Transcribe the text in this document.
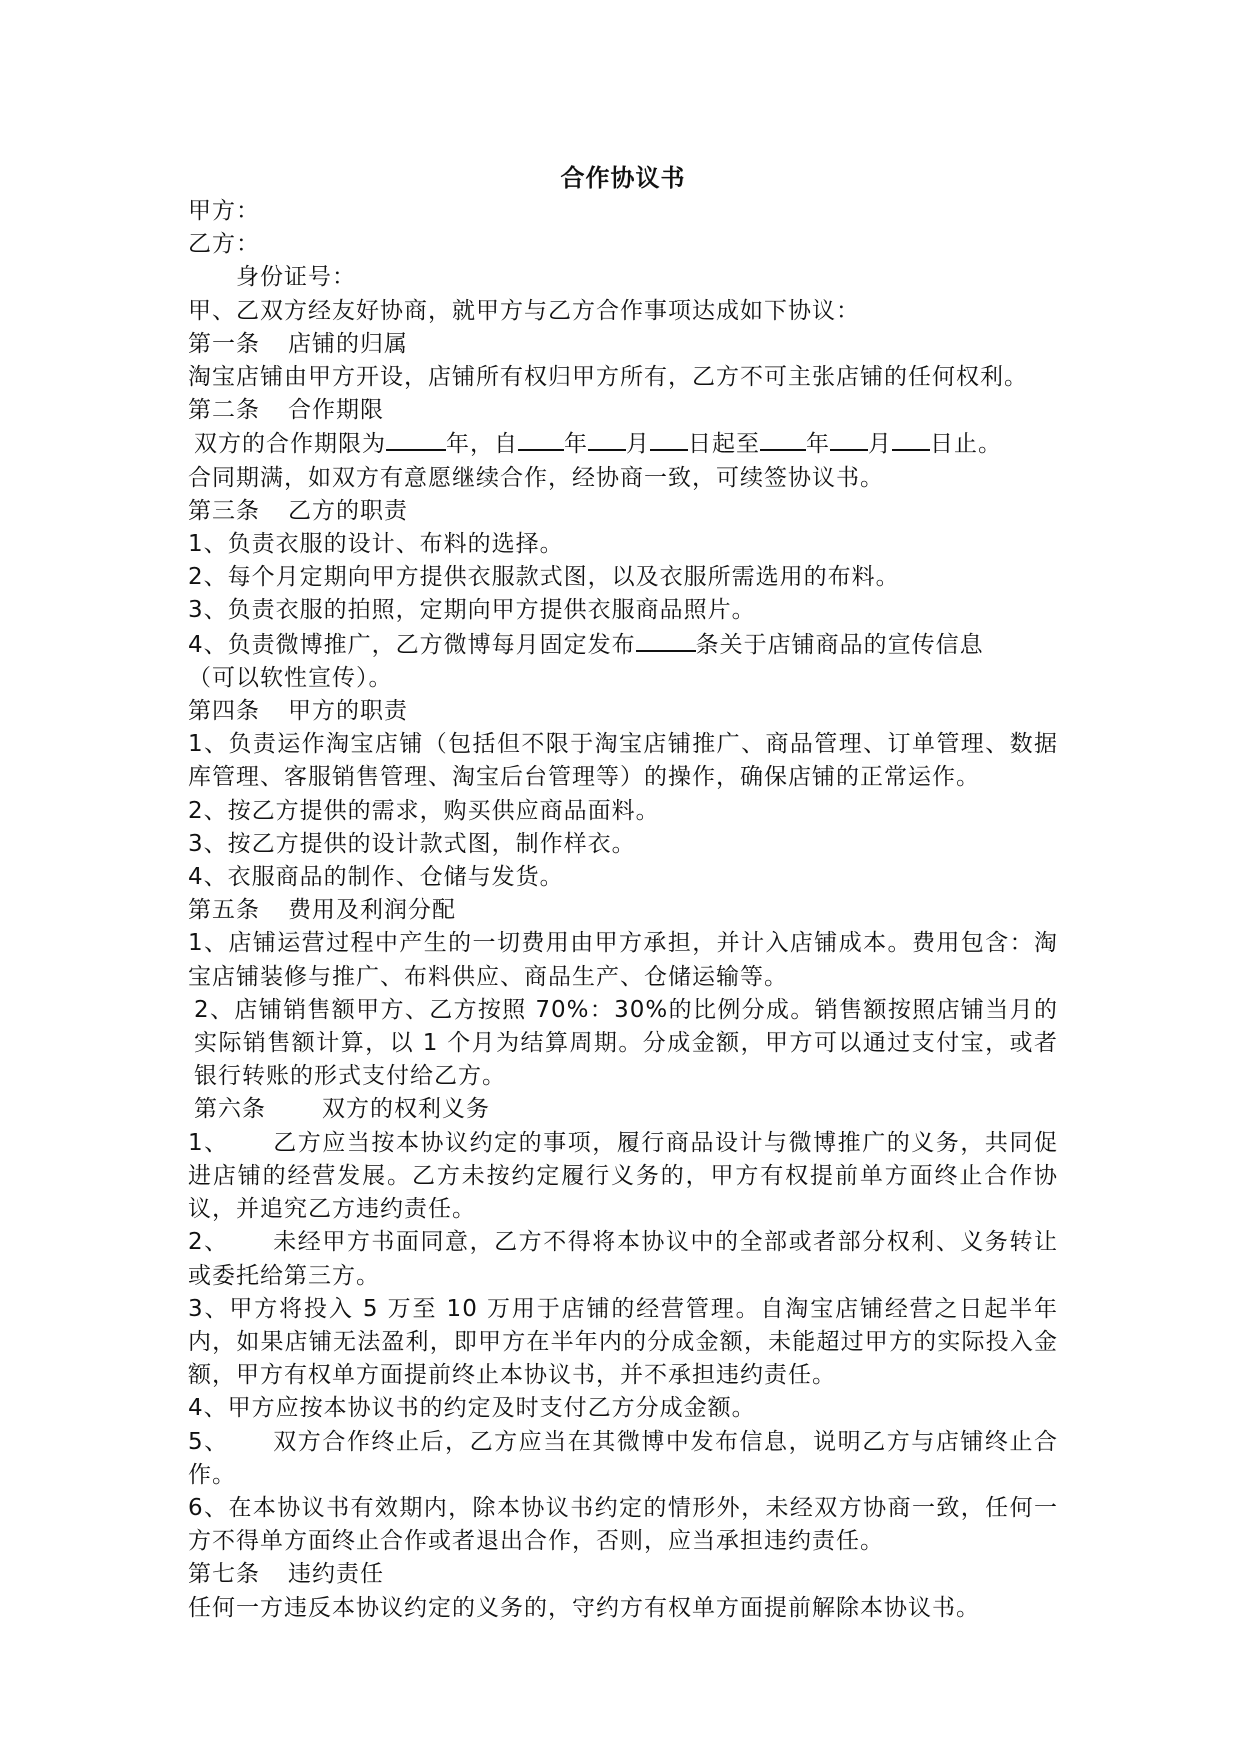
合作协议书
甲方：
乙方：
身份证号：
甲、乙双方经友好协商，就甲方与乙方合作事项达成如下协议：
第一条 店铺的归属
淘宝店铺由甲方开设，店铺所有权归甲方所有，乙方不可主张店铺的任何权利。
第二条 合作期限
双方的合作期限为	年，自 年 月 日起至 年 月 日止。
合同期满，如双方有意愿继续合作，经协商一致，可续签协议书。
第三条 乙方的职责
1、负责衣服的设计、布料的选择。
2、每个月定期向甲方提供衣服款式图，以及衣服所需选用的布料。
3、负责衣服的拍照，定期向甲方提供衣服商品照片。
4、负责微博推广，乙方微博每月固定发布	条关于店铺商品的宣传信息
（可以软性宣传）。
第四条 甲方的职责
1、负责运作淘宝店铺（包括但不限于淘宝店铺推广、商品管理、订单管理、数据库管理、客服销售管理、淘宝后台管理等）的操作，确保店铺的正常运作。
2、按乙方提供的需求，购买供应商品面料。
3、按乙方提供的设计款式图，制作样衣。
4、衣服商品的制作、仓储与发货。
第五条 费用及利润分配
1、店铺运营过程中产生的一切费用由甲方承担，并计入店铺成本。费用包含：淘宝店铺装修与推广、布料供应、商品生产、仓储运输等。
2、店铺销售额甲方、乙方按照 70%：30%的比例分成。销售额按照店铺当月的实际销售额计算，以 1 个月为结算周期。分成金额，甲方可以通过支付宝，或者银行转账的形式支付给乙方。
第六条 双方的权利义务
1、 乙方应当按本协议约定的事项，履行商品设计与微博推广的义务，共同促进店铺的经营发展。乙方未按约定履行义务的，甲方有权提前单方面终止合作协议，并追究乙方违约责任。
2、 未经甲方书面同意，乙方不得将本协议中的全部或者部分权利、义务转让或委托给第三方。
3、甲方将投入 5 万至 10 万用于店铺的经营管理。自淘宝店铺经营之日起半年内，如果店铺无法盈利，即甲方在半年内的分成金额，未能超过甲方的实际投入金额，甲方有权单方面提前终止本协议书，并不承担违约责任。
4、甲方应按本协议书的约定及时支付乙方分成金额。
5、 双方合作终止后，乙方应当在其微博中发布信息，说明乙方与店铺终止合作。
6、在本协议书有效期内，除本协议书约定的情形外，未经双方协商一致，任何一方不得单方面终止合作或者退出合作，否则，应当承担违约责任。
第七条 违约责任
任何一方违反本协议约定的义务的，守约方有权单方面提前解除本协议书。
